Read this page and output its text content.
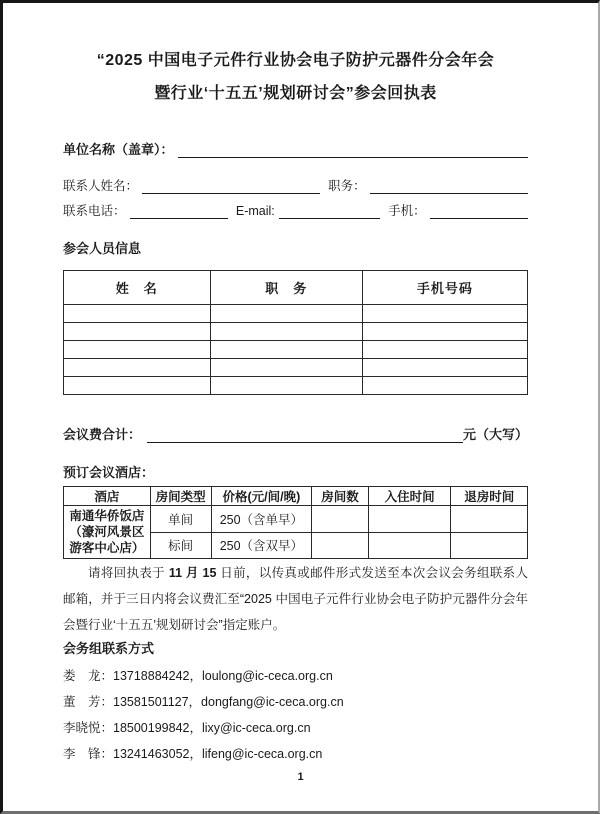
“2025 中国电子元件行业协会电子防护元器件分会年会
暨行业‘十五五’规划研讨会”参会回执表
单位名称（盖章）：
联系人姓名：	职务：
联系电话：	E-mail:	手机：
参会人员信息
姓　名	职　务	手机号码

会议费合计：	元（大写）
预订会议酒店：
酒店	房间类型	价格(元/间/晚)	房间数	入住时间	退房时间

南通华侨饭店
（濠河风景区
游客中心店）	单间	250（含单早）			
	标间	250（含双早）			

请将回执表于 11 月 15 日前，以传真或邮件形式发送至本次会议会务组联系人邮箱，并于三日内将会议费汇至“2025 中国电子元件行业协会电子防护元器件分会年会暨行业‘十五五’规划研讨会”指定账户。

会务组联系方式
娄　龙：13718884242，loulong@ic-ceca.org.cn
董　芳：13581501127，dongfang@ic-ceca.org.cn
李晓悦：18500199842，lixy@ic-ceca.org.cn
李　锋：13241463052，lifeng@ic-ceca.org.cn
1
